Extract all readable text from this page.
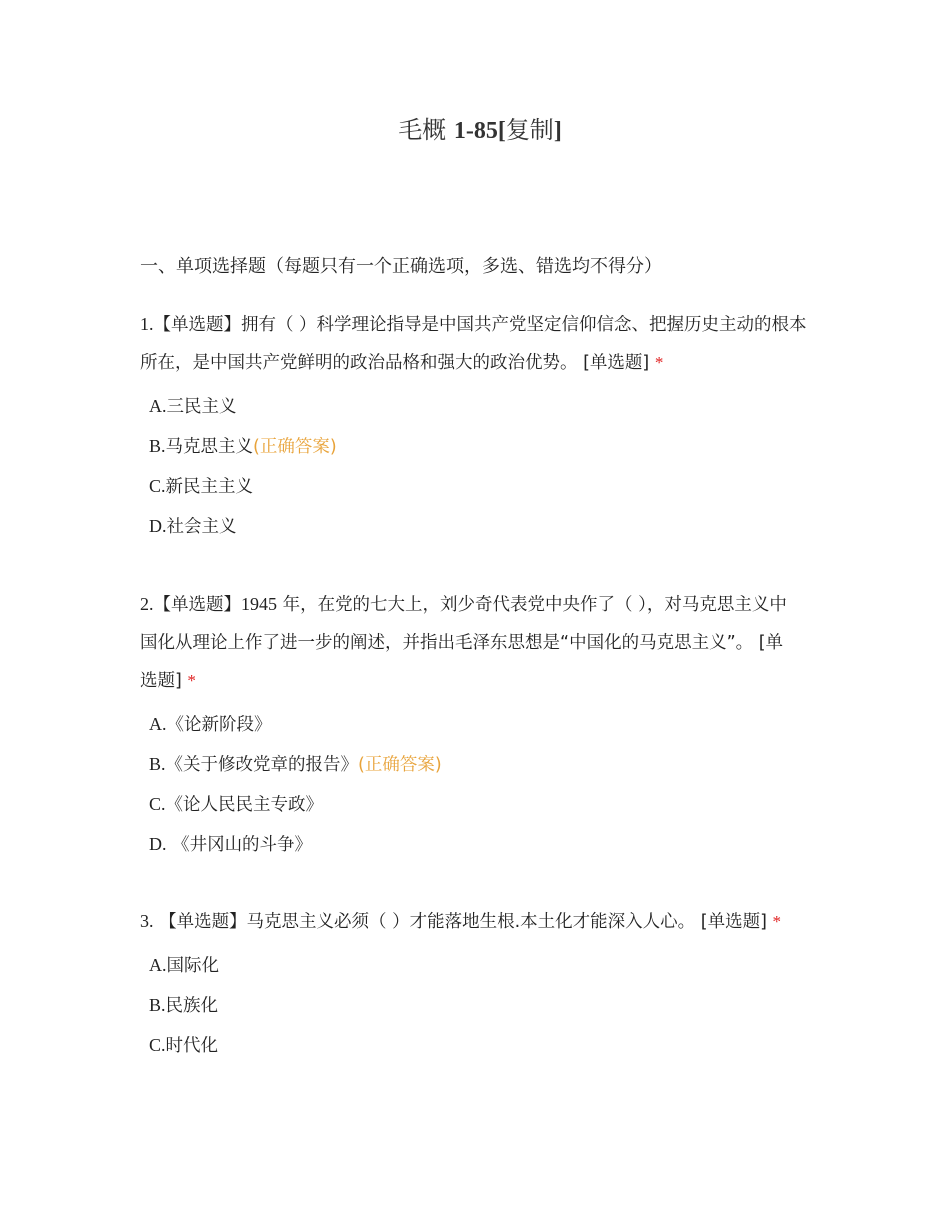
毛概 1-85[复制]
一、单项选择题（每题只有一个正确选项，多选、错选均不得分）
1.【单选题】拥有（ ）科学理论指导是中国共产党坚定信仰信念、把握历史主动的根本所在，是中国共产党鲜明的政治品格和强大的政治优势。 [单选题] *
A.三民主义
B.马克思主义(正确答案)
C.新民主主义
D.社会主义
2.【单选题】1945 年，在党的七大上，刘少奇代表党中央作了（ ），对马克思主义中国化从理论上作了进一步的阐述，并指出毛泽东思想是“中国化的马克思主义”。 [单选题] *
A.《论新阶段》
B.《关于修改党章的报告》(正确答案)
C.《论人民民主专政》
D. 《井冈山的斗争》
3. 【单选题】马克思主义必须（ ）才能落地生根.本土化才能深入人心。 [单选题] *
A.国际化
B.民族化
C.时代化
